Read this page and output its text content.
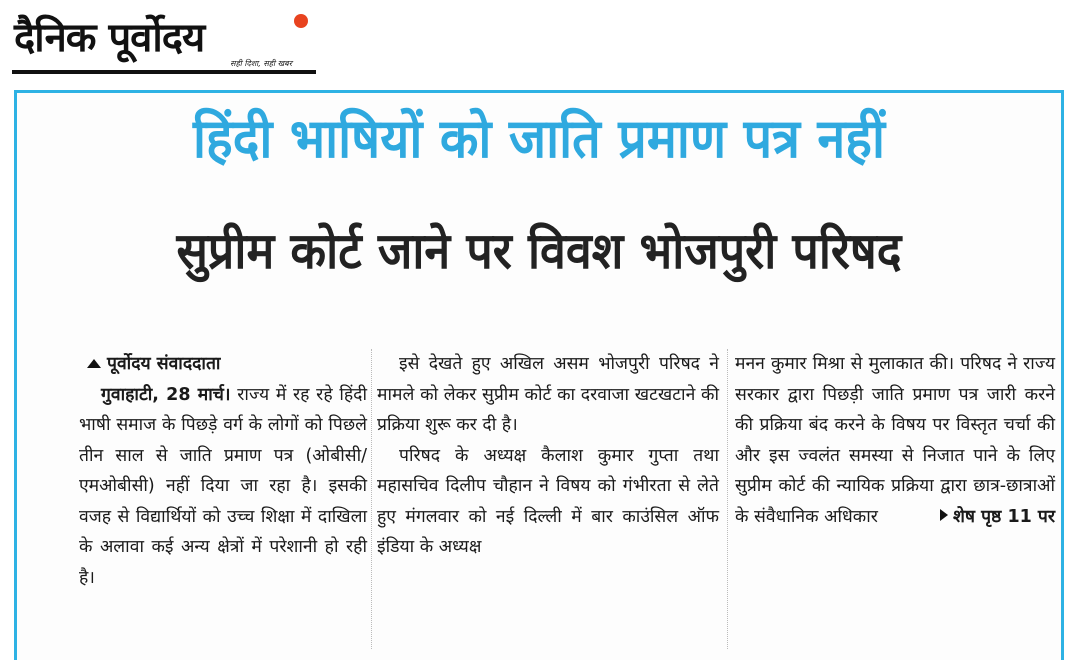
दैनिक पूर्वोदय
सही दिशा, सही खबर
हिंदी भाषियों को जाति प्रमाण पत्र नहीं
सुप्रीम कोर्ट जाने पर विवश भोजपुरी परिषद
पूर्वोदय संवाददाता

गुवाहाटी, 28 मार्च। राज्य में रह रहे हिंदी भाषी समाज के पिछड़े वर्ग के लोगों को पिछले तीन साल से जाति प्रमाण पत्र (ओबीसी/एमओबीसी) नहीं दिया जा रहा है। इसकी वजह से विद्यार्थियों को उच्च शिक्षा में दाखिला के अलावा कई अन्य क्षेत्रों में परेशानी हो रही है।

इसे देखते हुए अखिल असम भोजपुरी परिषद ने मामले को लेकर सुप्रीम कोर्ट का दरवाजा खटखटाने की प्रक्रिया शुरू कर दी है।

परिषद के अध्यक्ष कैलाश कुमार गुप्ता तथा महासचिव दिलीप चौहान ने विषय को गंभीरता से लेते हुए मंगलवार को नई दिल्ली में बार काउंसिल ऑफ इंडिया के अध्यक्ष

मनन कुमार मिश्रा से मुलाकात की। परिषद ने राज्य सरकार द्वारा पिछड़ी जाति प्रमाण पत्र जारी करने की प्रक्रिया बंद करने के विषय पर विस्तृत चर्चा की और इस ज्वलंत समस्या से निजात पाने के लिए सुप्रीम कोर्ट की न्यायिक प्रक्रिया द्वारा छात्र-छात्राओं के संवैधानिक अधिकार	शेष पृष्ठ 11 पर
